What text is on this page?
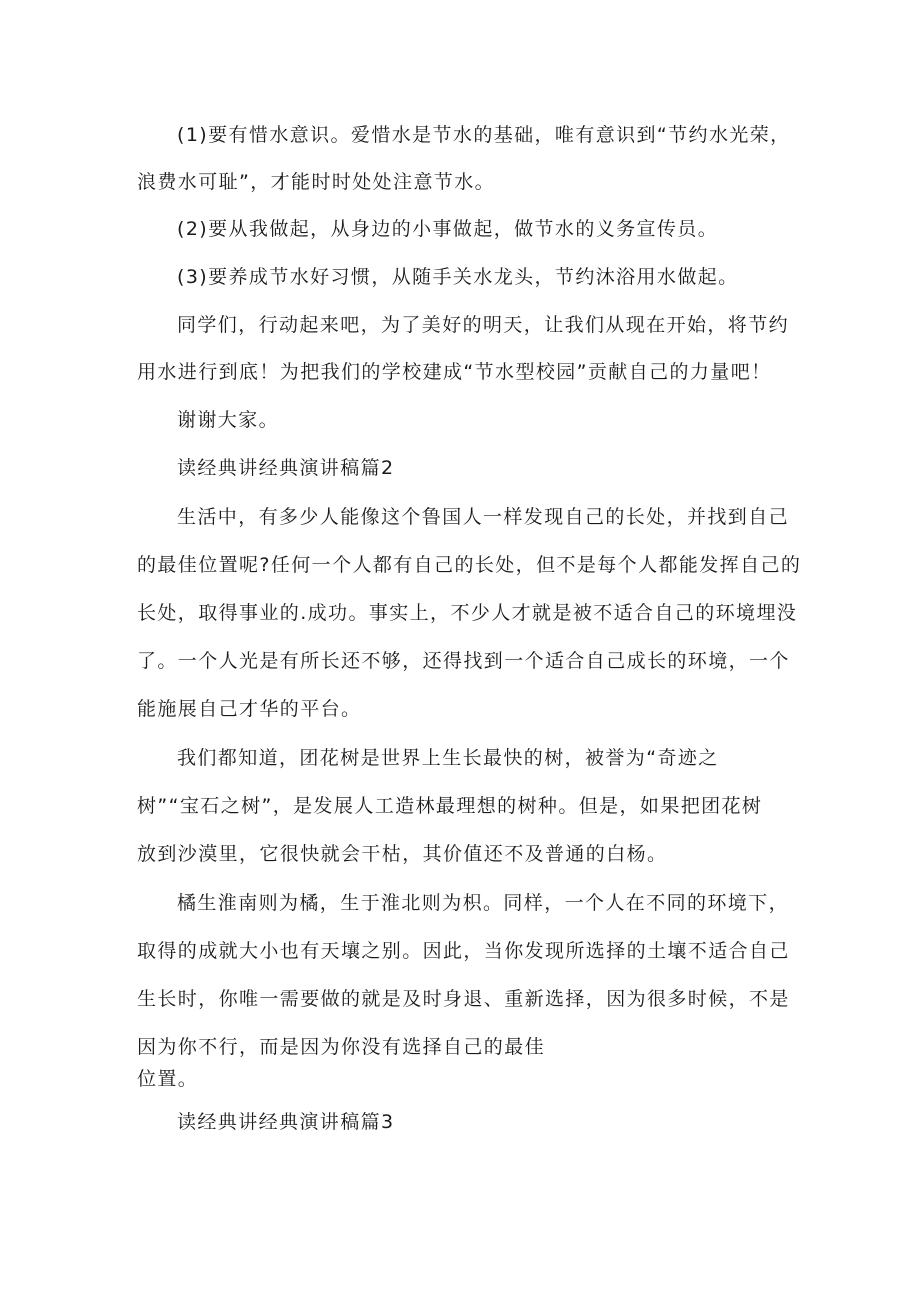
(1)要有惜水意识。爱惜水是节水的基础，唯有意识到“节约水光荣，
浪费水可耻”，才能时时处处注意节水。
(2)要从我做起，从身边的小事做起，做节水的义务宣传员。
(3)要养成节水好习惯，从随手关水龙头，节约沐浴用水做起。
同学们，行动起来吧，为了美好的明天，让我们从现在开始，将节约
用水进行到底！为把我们的学校建成“节水型校园”贡献自己的力量吧！
谢谢大家。
读经典讲经典演讲稿篇2
生活中，有多少人能像这个鲁国人一样发现自己的长处，并找到自己
的最佳位置呢?任何一个人都有自己的长处，但不是每个人都能发挥自己的
长处，取得事业的.成功。事实上，不少人才就是被不适合自己的环境埋没
了。一个人光是有所长还不够，还得找到一个适合自己成长的环境，一个
能施展自己才华的平台。
我们都知道，团花树是世界上生长最快的树，被誉为“奇迹之
树”“宝石之树”，是发展人工造林最理想的树种。但是，如果把团花树
放到沙漠里，它很快就会干枯，其价值还不及普通的白杨。
橘生淮南则为橘，生于淮北则为枳。同样，一个人在不同的环境下，
取得的成就大小也有天壤之别。因此，当你发现所选择的土壤不适合自己
生长时，你唯一需要做的就是及时身退、重新选择，因为很多时候，不是
因为你不行，而是因为你没有选择自己的最佳
位置。
读经典讲经典演讲稿篇3
